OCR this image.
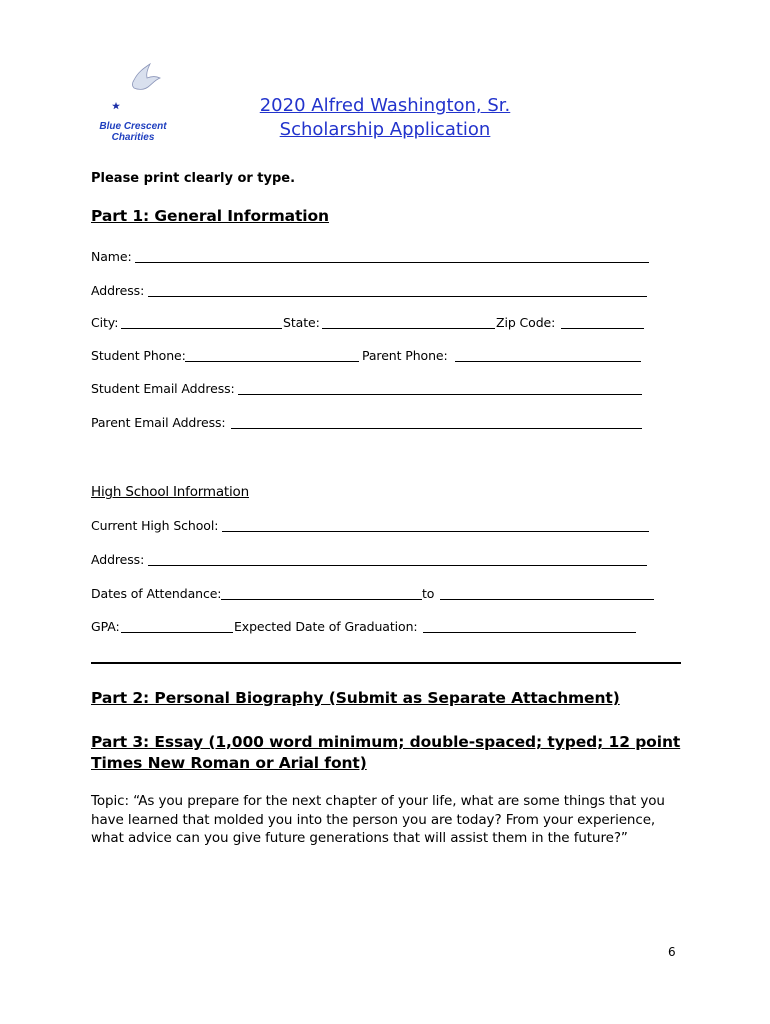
Blue Crescent
Charities
2020 Alfred Washington, Sr.
Scholarship Application
Please print clearly or type.
Part 1: General Information
Name:
Address:
City:	State:	Zip Code:
Student Phone:	Parent Phone:
Student Email Address:
Parent Email Address:
High School Information
Current High School:
Address:
Dates of Attendance:	to
GPA:	Expected Date of Graduation:
Part 2: Personal Biography (Submit as Separate Attachment)
Part 3: Essay (1,000 word minimum; double-spaced; typed; 12 point
Times New Roman or Arial font)
Topic: “As you prepare for the next chapter of your life, what are some things that you have learned that molded you into the person you are today? From your experience, what advice can you give future generations that will assist them in the future?”
6
